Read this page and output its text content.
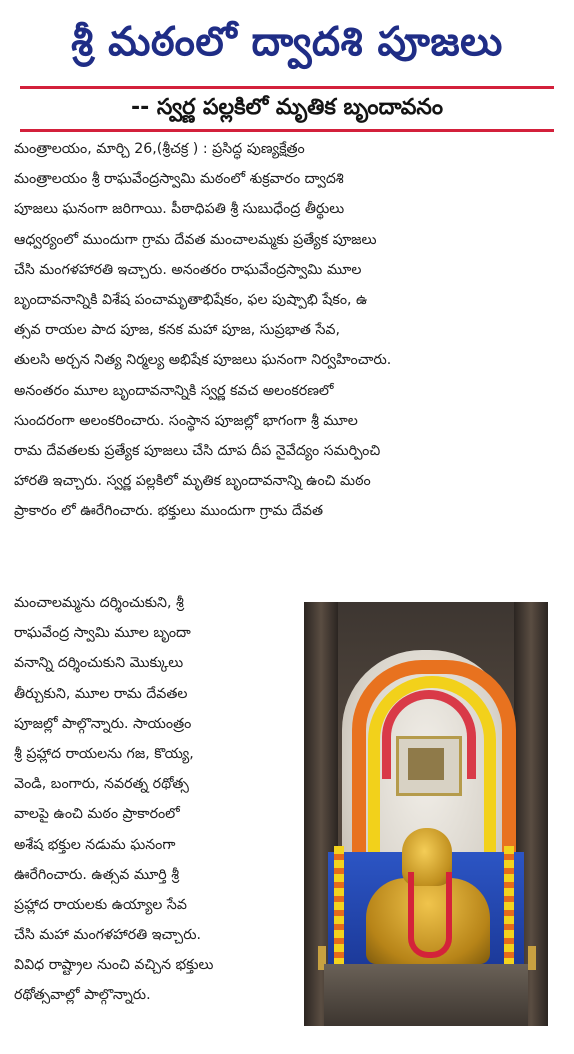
శ్రీ మఠంలో ద్వాదశి పూజలు
-- స్వర్ణ పల్లకిలో మృతిక బృందావనం
మంత్రాలయం, మార్చి 26,(శ్రీచక్ర ) : ప్రసిద్ధ పుణ్యక్షేత్రం
మంత్రాలయం శ్రీ రాఘవేంద్రస్వామి మఠంలో శుక్రవారం ద్వాదశి
పూజలు ఘనంగా జరిగాయి. పీఠాధిపతి శ్రీ సుబుధేంద్ర తీర్థులు
ఆధ్వర్యంలో ముందుగా గ్రామ దేవత మంచాలమ్మకు ప్రత్యేక పూజలు
చేసి మంగళహారతి ఇచ్చారు. అనంతరం రాఘవేంద్రస్వామి మూల
బృందావనాన్నికి విశేష పంచామృతాభిషేకం, ఫల పుష్పాభి షేకం, ఉ
త్సవ రాయల పాద పూజ, కనక మహా పూజ, సుప్రభాత సేవ,
తులసి అర్చన నిత్య నిర్మల్య అభిషేక పూజలు ఘనంగా నిర్వహించారు.
అనంతరం మూల బృందావనాన్నికి స్వర్ణ కవచ అలంకరణలో
సుందరంగా అలంకరించారు. సంస్థాన పూజల్లో భాగంగా శ్రీ మూల
రామ దేవతలకు ప్రత్యేక పూజలు చేసి దూప దీప నైవేద్యం సమర్పించి
హారతి ఇచ్చారు. స్వర్ణ పల్లకిలో మృతిక బృందావనాన్ని ఉంచి మఠం
ప్రాకారం లో ఊరేగించారు. భక్తులు ముందుగా గ్రామ దేవత
మంచాలమ్మను దర్శించుకుని, శ్రీ
రాఘవేంద్ర స్వామి మూల బృందా
వనాన్ని దర్శించుకుని మొక్కులు
తీర్చుకుని, మూల రామ దేవతల
పూజల్లో పాల్గొన్నారు. సాయంత్రం
శ్రీ ప్రహ్లాద రాయలను గజ, కొయ్య,
వెండి, బంగారు, నవరత్న రథోత్స
వాలపై ఉంచి మఠం ప్రాకారంలో
అశేష భక్తుల నడుమ ఘనంగా
ఊరేగించారు. ఉత్సవ మూర్తి శ్రీ
ప్రహ్లాద రాయలకు ఉయ్యాల సేవ
చేసి మహా మంగళహారతి ఇచ్చారు.
వివిధ రాష్ట్రాల నుంచి వచ్చిన భక్తులు
రథోత్సవాల్లో పాల్గొన్నారు.
